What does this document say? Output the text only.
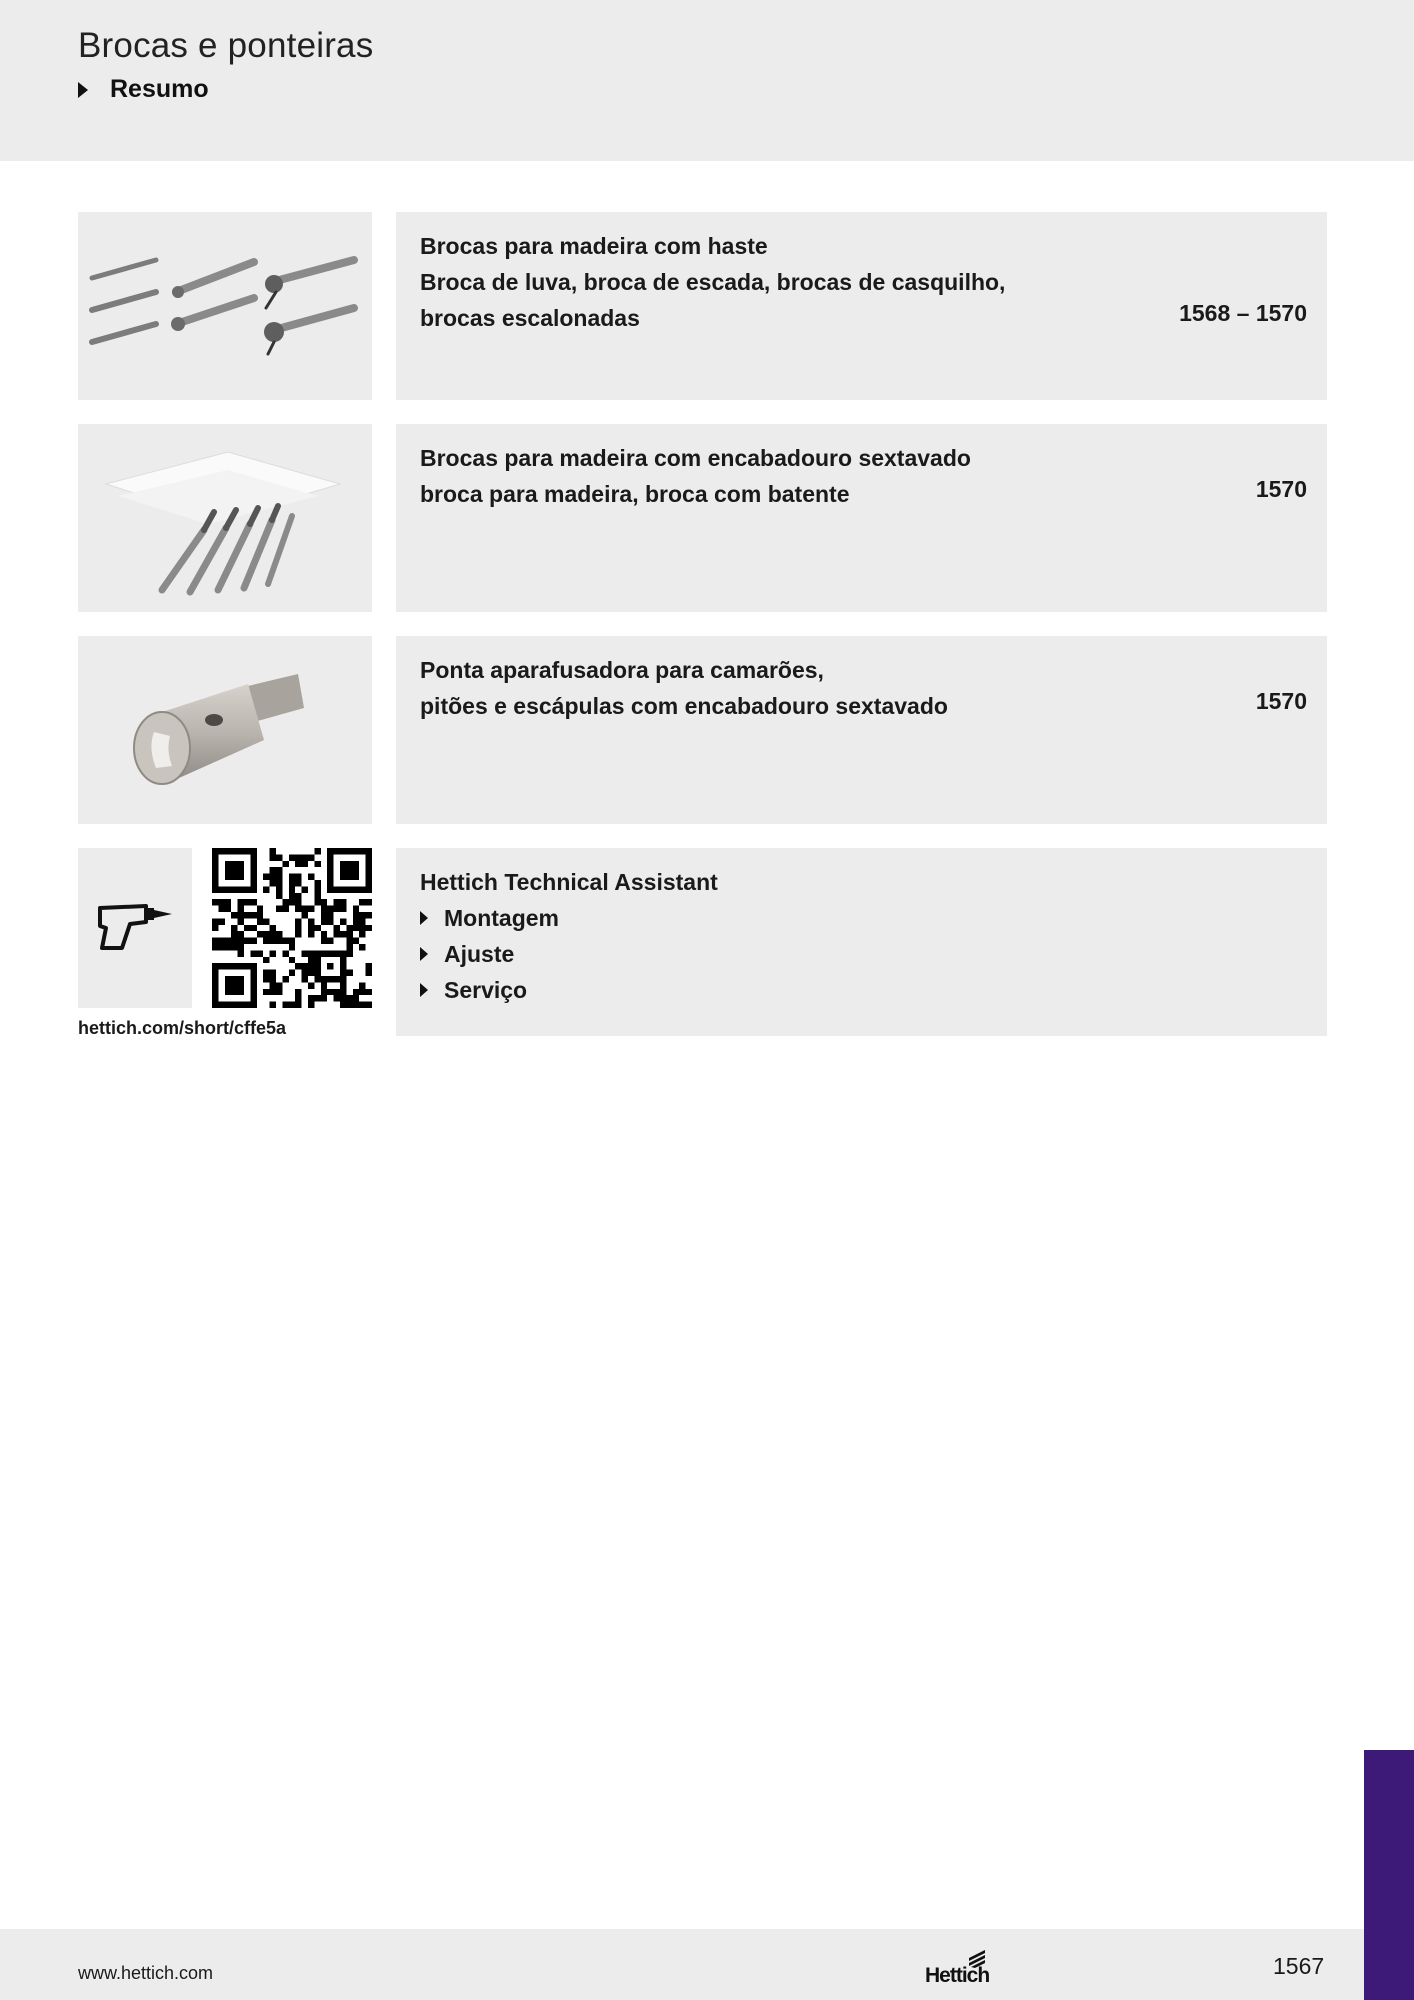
Brocas e ponteiras
Resumo
Brocas para madeira com haste
Broca de luva, broca de escada, brocas de casquilho,
brocas escalonadas	1568 – 1570
Brocas para madeira com encabadouro sextavado
broca para madeira, broca com batente	1570
Ponta aparafusadora para camarões,
pitões e escápulas com encabadouro sextavado	1570
hettich.com/short/cffe5a
Hettich Technical Assistant
Montagem
Ajuste
Serviço
www.hettich.com	Hettich	1567
